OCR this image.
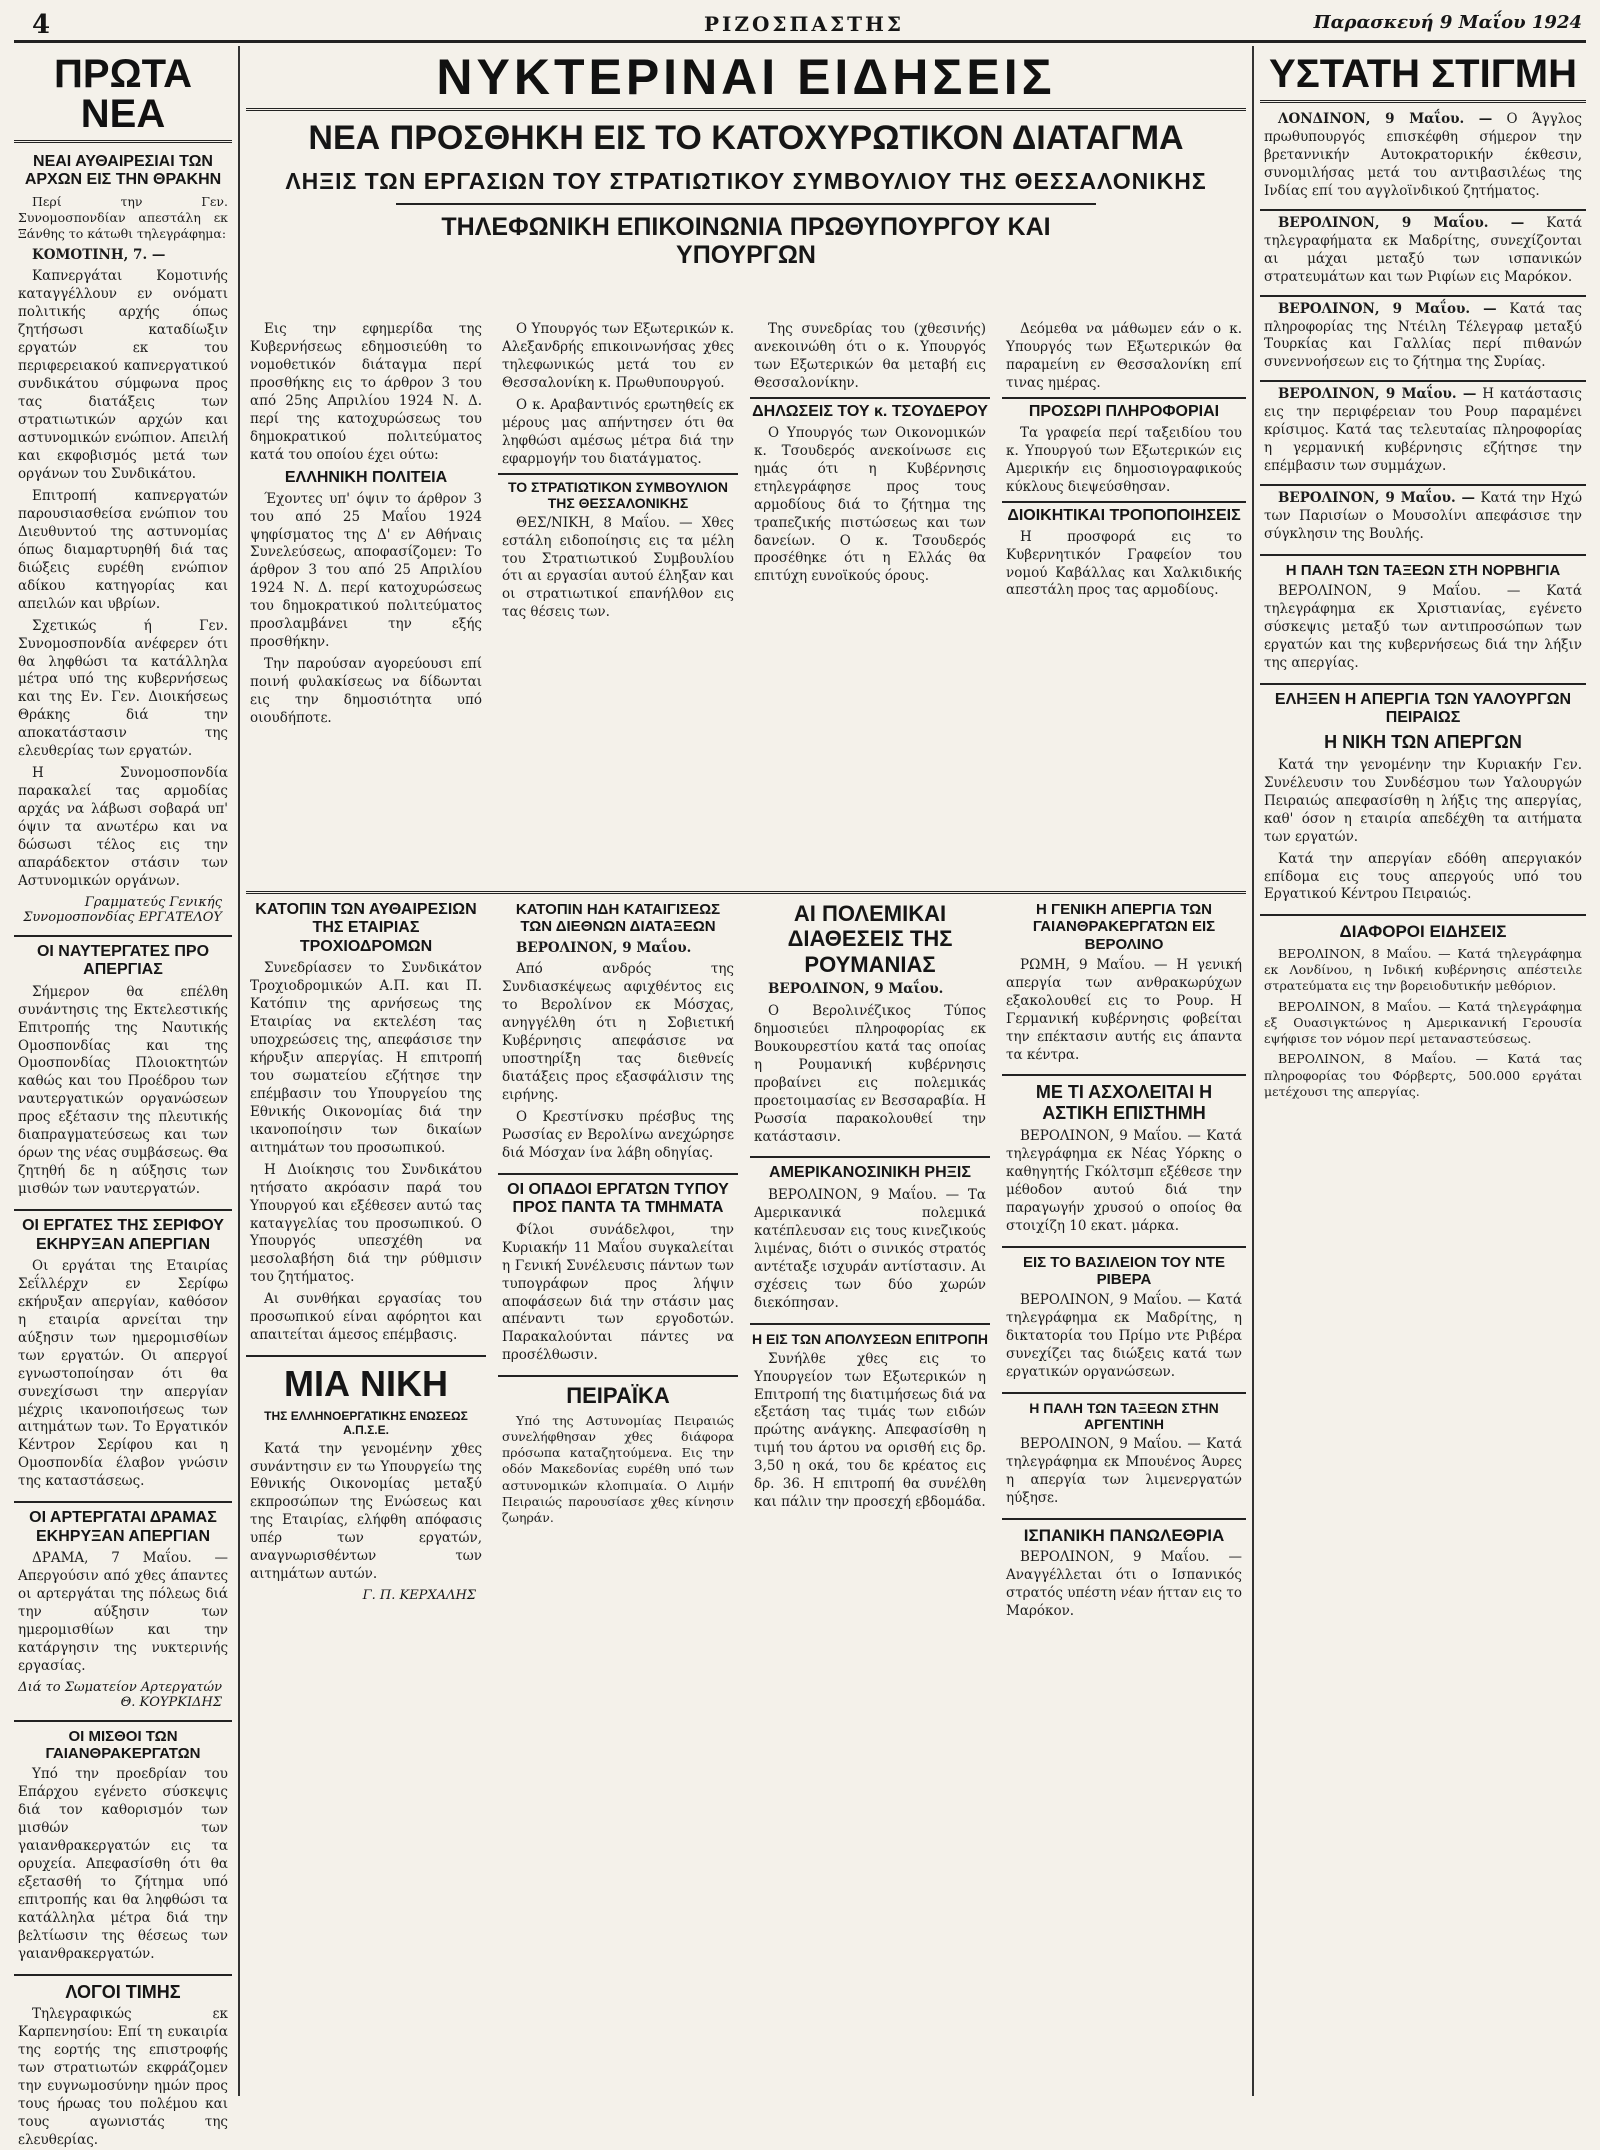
4	ΡΙΖΟΣΠΑΣΤΗΣ	Παρασκευή 9 Μαΐου 1924
ΠΡΩΤΑ ΝΕΑ
ΝΕΑΙ ΑΥΘΑΙΡΕΣΙΑΙ ΤΩΝ ΑΡΧΩΝ ΕΙΣ ΤΗΝ ΘΡΑΚΗΝ

Περί την Γεν. Συνομοσπονδίαν απεστάλη εκ Ξάνθης το κάτωθι τηλεγράφημα:

ΚΟΜΟΤΙΝΗ, 7. —

Καπνεργάται Κομοτινής καταγγέλλουν εν ονόματι πολιτικής αρχής όπως ζητήσωσι καταδίωξιν εργατών εκ του περιφερειακού καπνεργατικού συνδικάτου σύμφωνα προς τας διατάξεις των στρατιωτικών αρχών και αστυνομικών ενώπιον. Απειλή και εκφοβισμός μετά των οργάνων του Συνδικάτου.

Επιτροπή καπνεργατών παρουσιασθείσα ενώπιον του Διευθυντού της αστυνομίας όπως διαμαρτυρηθή διά τας διώξεις ευρέθη ενώπιον αδίκου κατηγορίας και απειλών και υβρίων.

Σχετικώς ή Γεν. Συνομοσπονδία ανέφερεν ότι θα ληφθώσι τα κατάλληλα μέτρα υπό της κυβερνήσεως και της Εν. Γεν. Διοικήσεως Θράκης διά την αποκατάστασιν της ελευθερίας των εργατών.

Η Συνομοσπονδία παρακαλεί τας αρμοδίας αρχάς να λάβωσι σοβαρά υπ' όψιν τα ανωτέρω και να δώσωσι τέλος εις την απαράδεκτον στάσιν των Αστυνομικών οργάνων.

Γραμματεύς Γενικής Συνομοσπονδίας ΕΡΓΑΤΕΛΟΥ
ΟΙ ΝΑΥΤΕΡΓΑΤΕΣ ΠΡΟ ΑΠΕΡΓΙΑΣ

Σήμερον θα επέλθη συνάντησις της Εκτελεστικής Επιτροπής της Ναυτικής Ομοσπονδίας και της Ομοσπονδίας Πλοιοκτητών καθώς και του Προέδρου των ναυτεργατικών οργανώσεων προς εξέτασιν της πλευτικής διαπραγματεύσεως και των όρων της νέας συμβάσεως. Θα ζητηθή δε η αύξησις των μισθών των ναυτεργατών.

ΟΙ ΕΡΓΑΤΕΣ ΤΗΣ ΣΕΡΙΦΟΥ ΕΚΗΡΥΞΑΝ ΑΠΕΡΓΙΑΝ

Οι εργάται της Εταιρίας Σεΐλλέρχν εν Σερίφω εκήρυξαν απεργίαν, καθόσον η εταιρία αρνείται την αύξησιν των ημερομισθίων των εργατών. Οι απεργοί εγνωστοποίησαν ότι θα συνεχίσωσι την απεργίαν μέχρις ικανοποιήσεως των αιτημάτων των. Το Εργατικόν Κέντρον Σερίφου και η Ομοσπονδία έλαβον γνώσιν της καταστάσεως.

ΟΙ ΑΡΤΕΡΓΑΤΑΙ ΔΡΑΜΑΣ ΕΚΗΡΥΞΑΝ ΑΠΕΡΓΙΑΝ

ΔΡΑΜΑ, 7 Μαΐου. — Απεργούσιν από χθες άπαντες οι αρτεργάται της πόλεως διά την αύξησιν των ημερομισθίων και την κατάργησιν της νυκτερινής εργασίας.

Διά το Σωματείον Αρτεργατών Θ. ΚΟΥΡΚΙΔΗΣ
ΟΙ ΜΙΣΘΟΙ ΤΩΝ ΓΑΙΑΝΘΡΑΚΕΡΓΑΤΩΝ

Υπό την προεδρίαν του Επάρχου εγένετο σύσκεψις διά τον καθορισμόν των μισθών των γαιανθρακεργατών εις τα ορυχεία. Απεφασίσθη ότι θα εξετασθή το ζήτημα υπό επιτροπής και θα ληφθώσι τα κατάλληλα μέτρα διά την βελτίωσιν της θέσεως των γαιανθρακεργατών.

ΛΟΓΟΙ ΤΙΜΗΣ

Τηλεγραφικώς εκ Καρπενησίου: Επί τη ευκαιρία της εορτής της επιστροφής των στρατιωτών εκφράζομεν την ευγνωμοσύνην ημών προς τους ήρωας του πολέμου και τους αγωνιστάς της ελευθερίας.

ΝΥΚΤΕΡΙΝΑΙ ΕΙΔΗΣΕΙΣ
ΝΕΑ ΠΡΟΣΘΗΚΗ ΕΙΣ ΤΟ ΚΑΤΟΧΥΡΩΤΙΚΟΝ ΔΙΑΤΑΓΜΑ
ΛΗΞΙΣ ΤΩΝ ΕΡΓΑΣΙΩΝ ΤΟΥ ΣΤΡΑΤΙΩΤΙΚΟΥ ΣΥΜΒΟΥΛΙΟΥ ΤΗΣ ΘΕΣΣΑΛΟΝΙΚΗΣ
ΤΗΛΕΦΩΝΙΚΗ ΕΠΙΚΟΙΝΩΝΙΑ ΠΡΩΘΥΠΟΥΡΓΟΥ ΚΑΙ ΥΠΟΥΡΓΩΝ

Εις την εφημερίδα της Κυβερνήσεως εδημοσιεύθη το νομοθετικόν διάταγμα περί προσθήκης εις το άρθρον 3 του από 25ης Απριλίου 1924 Ν. Δ. περί της κατοχυρώσεως του δημοκρατικού πολιτεύματος κατά του οποίου έχει ούτω:

ΕΛΛΗΝΙΚΗ ΠΟΛΙΤΕΙΑ

Έχοντες υπ' όψιν το άρθρον 3 του από 25 Μαΐου 1924 ψηφίσματος της Δ' εν Αθήναις Συνελεύσεως, αποφασίζομεν: Το άρθρον 3 του από 25 Απριλίου 1924 Ν. Δ. περί κατοχυρώσεως του δημοκρατικού πολιτεύματος προσλαμβάνει την εξής προσθήκην.

Την παρούσαν αγορεύουσι επί ποινή φυλακίσεως να δίδωνται εις την δημοσιότητα υπό οιουδήποτε.

Ο Υπουργός των Εξωτερικών κ. Αλεξανδρής επικοινωνήσας χθες τηλεφωνικώς μετά του εν Θεσσαλονίκη κ. Πρωθυπουργού.

Ο κ. Αραβαντινός ερωτηθείς εκ μέρους μας απήντησεν ότι θα ληφθώσι αμέσως μέτρα διά την εφαρμογήν του διατάγματος.

ΤΟ ΣΤΡΑΤΙΩΤΙΚΟΝ ΣΥΜΒΟΥΛΙΟΝ ΤΗΣ ΘΕΣΣΑΛΟΝΙΚΗΣ

ΘΕΣ/ΝΙΚΗ, 8 Μαΐου. — Χθες εστάλη ειδοποίησις εις τα μέλη του Στρατιωτικού Συμβουλίου ότι αι εργασίαι αυτού έληξαν και οι στρατιωτικοί επανήλθον εις τας θέσεις των.

Της συνεδρίας του (χθεσινής) ανεκοινώθη ότι ο κ. Υπουργός των Εξωτερικών θα μεταβή εις Θεσσαλονίκην.

ΔΗΛΩΣΕΙΣ ΤΟΥ κ. ΤΣΟΥΔΕΡΟΥ

Ο Υπουργός των Οικονομικών κ. Τσουδερός ανεκοίνωσε εις ημάς ότι η Κυβέρνησις ετηλεγράφησε προς τους αρμοδίους διά το ζήτημα της τραπεζικής πιστώσεως και των δανείων. Ο κ. Τσουδερός προσέθηκε ότι η Ελλάς θα επιτύχη ευνοϊκούς όρους.

Δεόμεθα να μάθωμεν εάν ο κ. Υπουργός των Εξωτερικών θα παραμείνη εν Θεσσαλονίκη επί τινας ημέρας.

ΠΡΟΣΩΡΙ ΠΛΗΡΟΦΟΡΙΑΙ

Τα γραφεία περί ταξειδίου του κ. Υπουργού των Εξωτερικών εις Αμερικήν εις δημοσιογραφικούς κύκλους διεψεύσθησαν.

ΔΙΟΙΚΗΤΙΚΑΙ ΤΡΟΠΟΠΟΙΗΣΕΙΣ

Η προσφορά εις το Κυβερνητικόν Γραφείον του νομού Καβάλλας και Χαλκιδικής απεστάλη προς τας αρμοδίους.

ΚΑΤΟΠΙΝ ΤΩΝ ΑΥΘΑΙΡΕΣΙΩΝ ΤΗΣ ΕΤΑΙΡΙΑΣ ΤΡΟΧΙΟΔΡΟΜΩΝ

Συνεδρίασεν το Συνδικάτον Τροχιοδρομικών Α.Π. και Π. Κατόπιν της αρνήσεως της Εταιρίας να εκτελέση τας υποχρεώσεις της, απεφάσισε την κήρυξιν απεργίας. Η επιτροπή του σωματείου εζήτησε την επέμβασιν του Υπουργείου της Εθνικής Οικονομίας διά την ικανοποίησιν των δικαίων αιτημάτων του προσωπικού.

Η Διοίκησις του Συνδικάτου ητήσατο ακρόασιν παρά του Υπουργού και εξέθεσεν αυτώ τας καταγγελίας του προσωπικού. Ο Υπουργός υπεσχέθη να μεσολαβήση διά την ρύθμισιν του ζητήματος.

Αι συνθήκαι εργασίας του προσωπικού είναι αφόρητοι και απαιτείται άμεσος επέμβασις.

ΜΙΑ ΝΙΚΗ
ΤΗΣ ΕΛΛΗΝΟΕΡΓΑΤΙΚΗΣ ΕΝΩΣΕΩΣ Α.Π.Σ.Ε.

Κατά την γενομένην χθες συνάντησιν εν τω Υπουργείω της Εθνικής Οικονομίας μεταξύ εκπροσώπων της Ενώσεως και της Εταιρίας, ελήφθη απόφασις υπέρ των εργατών, αναγνωρισθέντων των αιτημάτων αυτών.

Γ. Π. ΚΕΡΧΑΛΗΣ
ΚΑΤΟΠΙΝ ΗΔΗ ΚΑΤΑΙΓΙΣΕΩΣ ΤΩΝ ΔΙΕΘΝΩΝ ΔΙΑΤΑΞΕΩΝ

ΒΕΡΟΛΙΝΟΝ, 9 Μαΐου.

Από ανδρός της Συνδιασκέψεως αφιχθέντος εις το Βερολίνον εκ Μόσχας, ανηγγέλθη ότι η Σοβιετική Κυβέρνησις απεφάσισε να υποστηρίξη τας διεθνείς διατάξεις προς εξασφάλισιν της ειρήνης.

Ο Κρεστίνσκυ πρέσβυς της Ρωσσίας εν Βερολίνω ανεχώρησε διά Μόσχαν ίνα λάβη οδηγίας.

ΟΙ ΟΠΑΔΟΙ ΕΡΓΑΤΩΝ ΤΥΠΟΥ ΠΡΟΣ ΠΑΝΤΑ ΤΑ ΤΜΗΜΑΤΑ

Φίλοι συνάδελφοι, την Κυριακήν 11 Μαΐου συγκαλείται η Γενική Συνέλευσις πάντων των τυπογράφων προς λήψιν αποφάσεων διά την στάσιν μας απέναντι των εργοδοτών. Παρακαλούνται πάντες να προσέλθωσιν.

ΠΕΙΡΑΪΚΑ

Υπό της Αστυνομίας Πειραιώς συνελήφθησαν χθες διάφορα πρόσωπα καταζητούμενα. Εις την οδόν Μακεδονίας ευρέθη υπό των αστυνομικών κλοπιμαία. Ο Λιμήν Πειραιώς παρουσίασε χθες κίνησιν ζωηράν.

ΑΙ ΠΟΛΕΜΙΚΑΙ ΔΙΑΘΕΣΕΙΣ ΤΗΣ ΡΟΥΜΑΝΙΑΣ

ΒΕΡΟΛΙΝΟΝ, 9 Μαΐου.

Ο Βερολινέζικος Τύπος δημοσιεύει πληροφορίας εκ Βουκουρεστίου κατά τας οποίας η Ρουμανική κυβέρνησις προβαίνει εις πολεμικάς προετοιμασίας εν Βεσσαραβία. Η Ρωσσία παρακολουθεί την κατάστασιν.

ΑΜΕΡΙΚΑΝΟΣΙΝΙΚΗ ΡΗΞΙΣ

ΒΕΡΟΛΙΝΟΝ, 9 Μαΐου. — Τα Αμερικανικά πολεμικά κατέπλευσαν εις τους κινεζικούς λιμένας, διότι ο σινικός στρατός αντέταξε ισχυράν αντίστασιν. Αι σχέσεις των δύο χωρών διεκόπησαν.

Η ΕΙΣ ΤΩΝ ΑΠΟΛΥΣΕΩΝ ΕΠΙΤΡΟΠΗ

Συνήλθε χθες εις το Υπουργείον των Εξωτερικών η Επιτροπή της διατιμήσεως διά να εξετάση τας τιμάς των ειδών πρώτης ανάγκης. Απεφασίσθη η τιμή του άρτου να ορισθή εις δρ. 3,50 η οκά, του δε κρέατος εις δρ. 36. Η επιτροπή θα συνέλθη και πάλιν την προσεχή εβδομάδα.

Η ΓΕΝΙΚΗ ΑΠΕΡΓΙΑ ΤΩΝ ΓΑΙΑΝΘΡΑΚΕΡΓΑΤΩΝ ΕΙΣ ΒΕΡΟΛΙΝΟ

ΡΩΜΗ, 9 Μαΐου. — Η γενική απεργία των ανθρακωρύχων εξακολουθεί εις το Ρουρ. Η Γερμανική κυβέρνησις φοβείται την επέκτασιν αυτής εις άπαντα τα κέντρα.

ΜΕ ΤΙ ΑΣΧΟΛΕΙΤΑΙ Η ΑΣΤΙΚΗ ΕΠΙΣΤΗΜΗ

ΒΕΡΟΛΙΝΟΝ, 9 Μαΐου. — Κατά τηλεγράφημα εκ Νέας Υόρκης ο καθηγητής Γκόλτσμπ εξέθεσε την μέθοδον αυτού διά την παραγωγήν χρυσού ο οποίος θα στοιχίζη 10 εκατ. μάρκα.

ΕΙΣ ΤΟ ΒΑΣΙΛΕΙΟΝ ΤΟΥ ΝΤΕ ΡΙΒΕΡΑ

ΒΕΡΟΛΙΝΟΝ, 9 Μαΐου. — Κατά τηλεγράφημα εκ Μαδρίτης, η δικτατορία του Πρίμο ντε Ριβέρα συνεχίζει τας διώξεις κατά των εργατικών οργανώσεων.

Η ΠΑΛΗ ΤΩΝ ΤΑΞΕΩΝ ΣΤΗΝ ΑΡΓΕΝΤΙΝΗ

ΒΕΡΟΛΙΝΟΝ, 9 Μαΐου. — Κατά τηλεγράφημα εκ Μπουένος Άυρες η απεργία των λιμενεργατών ηύξησε.

ΙΣΠΑΝΙΚΗ ΠΑΝΩΛΕΘΡΙΑ

ΒΕΡΟΛΙΝΟΝ, 9 Μαΐου. — Αναγγέλλεται ότι ο Ισπανικός στρατός υπέστη νέαν ήτταν εις το Μαρόκον.

ΥΣΤΑΤΗ ΣΤΙΓΜΗ

ΛΟΝΔΙΝΟΝ, 9 Μαΐου. — Ο Άγγλος πρωθυπουργός επισκέφθη σήμερον την βρεταννικήν Αυτοκρατορικήν έκθεσιν, συνομιλήσας μετά του αντιβασιλέως της Ινδίας επί του αγγλοϊνδικού ζητήματος.

ΒΕΡΟΛΙΝΟΝ, 9 Μαΐου. — Κατά τηλεγραφήματα εκ Μαδρίτης, συνεχίζονται αι μάχαι μεταξύ των ισπανικών στρατευμάτων και των Ριφίων εις Μαρόκον.

ΒΕΡΟΛΙΝΟΝ, 9 Μαΐου. — Κατά τας πληροφορίας της Ντέιλη Τέλεγραφ μεταξύ Τουρκίας και Γαλλίας περί πιθανών συνεννοήσεων εις το ζήτημα της Συρίας.

ΒΕΡΟΛΙΝΟΝ, 9 Μαΐου. — Η κατάστασις εις την περιφέρειαν του Ρουρ παραμένει κρίσιμος. Κατά τας τελευταίας πληροφορίας η γερμανική κυβέρνησις εζήτησε την επέμβασιν των συμμάχων.

ΒΕΡΟΛΙΝΟΝ, 9 Μαΐου. — Κατά την Ηχώ των Παρισίων ο Μουσολίνι απεφάσισε την σύγκλησιν της Βουλής.

Η ΠΑΛΗ ΤΩΝ ΤΑΞΕΩΝ ΣΤΗ ΝΟΡΒΗΓΙΑ

ΒΕΡΟΛΙΝΟΝ, 9 Μαΐου. — Κατά τηλεγράφημα εκ Χριστιανίας, εγένετο σύσκεψις μεταξύ των αντιπροσώπων των εργατών και της κυβερνήσεως διά την λήξιν της απεργίας.

ΕΛΗΞΕΝ Η ΑΠΕΡΓΙΑ ΤΩΝ ΥΑΛΟΥΡΓΩΝ ΠΕΙΡΑΙΩΣ
Η ΝΙΚΗ ΤΩΝ ΑΠΕΡΓΩΝ

Κατά την γενομένην την Κυριακήν Γεν. Συνέλευσιν του Συνδέσμου των Υαλουργών Πειραιώς απεφασίσθη η λήξις της απεργίας, καθ' όσον η εταιρία απεδέχθη τα αιτήματα των εργατών.

Κατά την απεργίαν εδόθη απεργιακόν επίδομα εις τους απεργούς υπό του Εργατικού Κέντρου Πειραιώς.

ΔΙΑΦΟΡΟΙ ΕΙΔΗΣΕΙΣ

ΒΕΡΟΛΙΝΟΝ, 8 Μαΐου. — Κατά τηλεγράφημα εκ Λονδίνου, η Ινδική κυβέρνησις απέστειλε στρατεύματα εις την βορειοδυτικήν μεθόριον.

ΒΕΡΟΛΙΝΟΝ, 8 Μαΐου. — Κατά τηλεγράφημα εξ Ουασιγκτώνος η Αμερικανική Γερουσία εψήφισε τον νόμον περί μεταναστεύσεως.

ΒΕΡΟΛΙΝΟΝ, 8 Μαΐου. — Κατά τας πληροφορίας του Φόρβερτς, 500.000 εργάται μετέχουσι της απεργίας.
